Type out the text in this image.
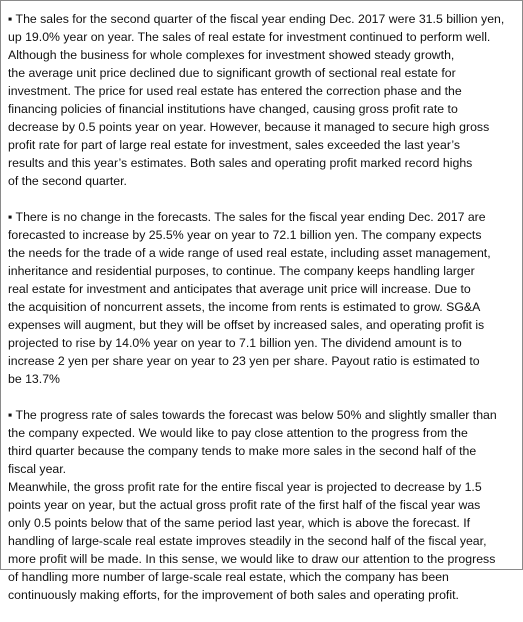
▪ The sales for the second quarter of the fiscal year ending Dec. 2017 were 31.5 billion yen,
up 19.0% year on year. The sales of real estate for investment continued to perform well.
Although the business for whole complexes for investment showed steady growth,
the average unit price declined due to significant growth of sectional real estate for
investment. The price for used real estate has entered the correction phase and the
financing policies of financial institutions have changed, causing gross profit rate to
decrease by 0.5 points year on year. However, because it managed to secure high gross
profit rate for part of large real estate for investment, sales exceeded the last year’s
results and this year’s estimates. Both sales and operating profit marked record highs
of the second quarter.
▪ There is no change in the forecasts. The sales for the fiscal year ending Dec. 2017 are
forecasted to increase by 25.5% year on year to 72.1 billion yen. The company expects
the needs for the trade of a wide range of used real estate, including asset management,
inheritance and residential purposes, to continue. The company keeps handling larger
real estate for investment and anticipates that average unit price will increase. Due to
the acquisition of noncurrent assets, the income from rents is estimated to grow. SG&A
expenses will augment, but they will be offset by increased sales, and operating profit is
projected to rise by 14.0% year on year to 7.1 billion yen. The dividend amount is to
increase 2 yen per share year on year to 23 yen per share. Payout ratio is estimated to
be 13.7%
▪ The progress rate of sales towards the forecast was below 50% and slightly smaller than
the company expected. We would like to pay close attention to the progress from the
third quarter because the company tends to make more sales in the second half of the
fiscal year.
Meanwhile, the gross profit rate for the entire fiscal year is projected to decrease by 1.5
points year on year, but the actual gross profit rate of the first half of the fiscal year was
only 0.5 points below that of the same period last year, which is above the forecast. If
handling of large-scale real estate improves steadily in the second half of the fiscal year,
more profit will be made. In this sense, we would like to draw our attention to the progress
of handling more number of large-scale real estate, which the company has been
continuously making efforts, for the improvement of both sales and operating profit.
